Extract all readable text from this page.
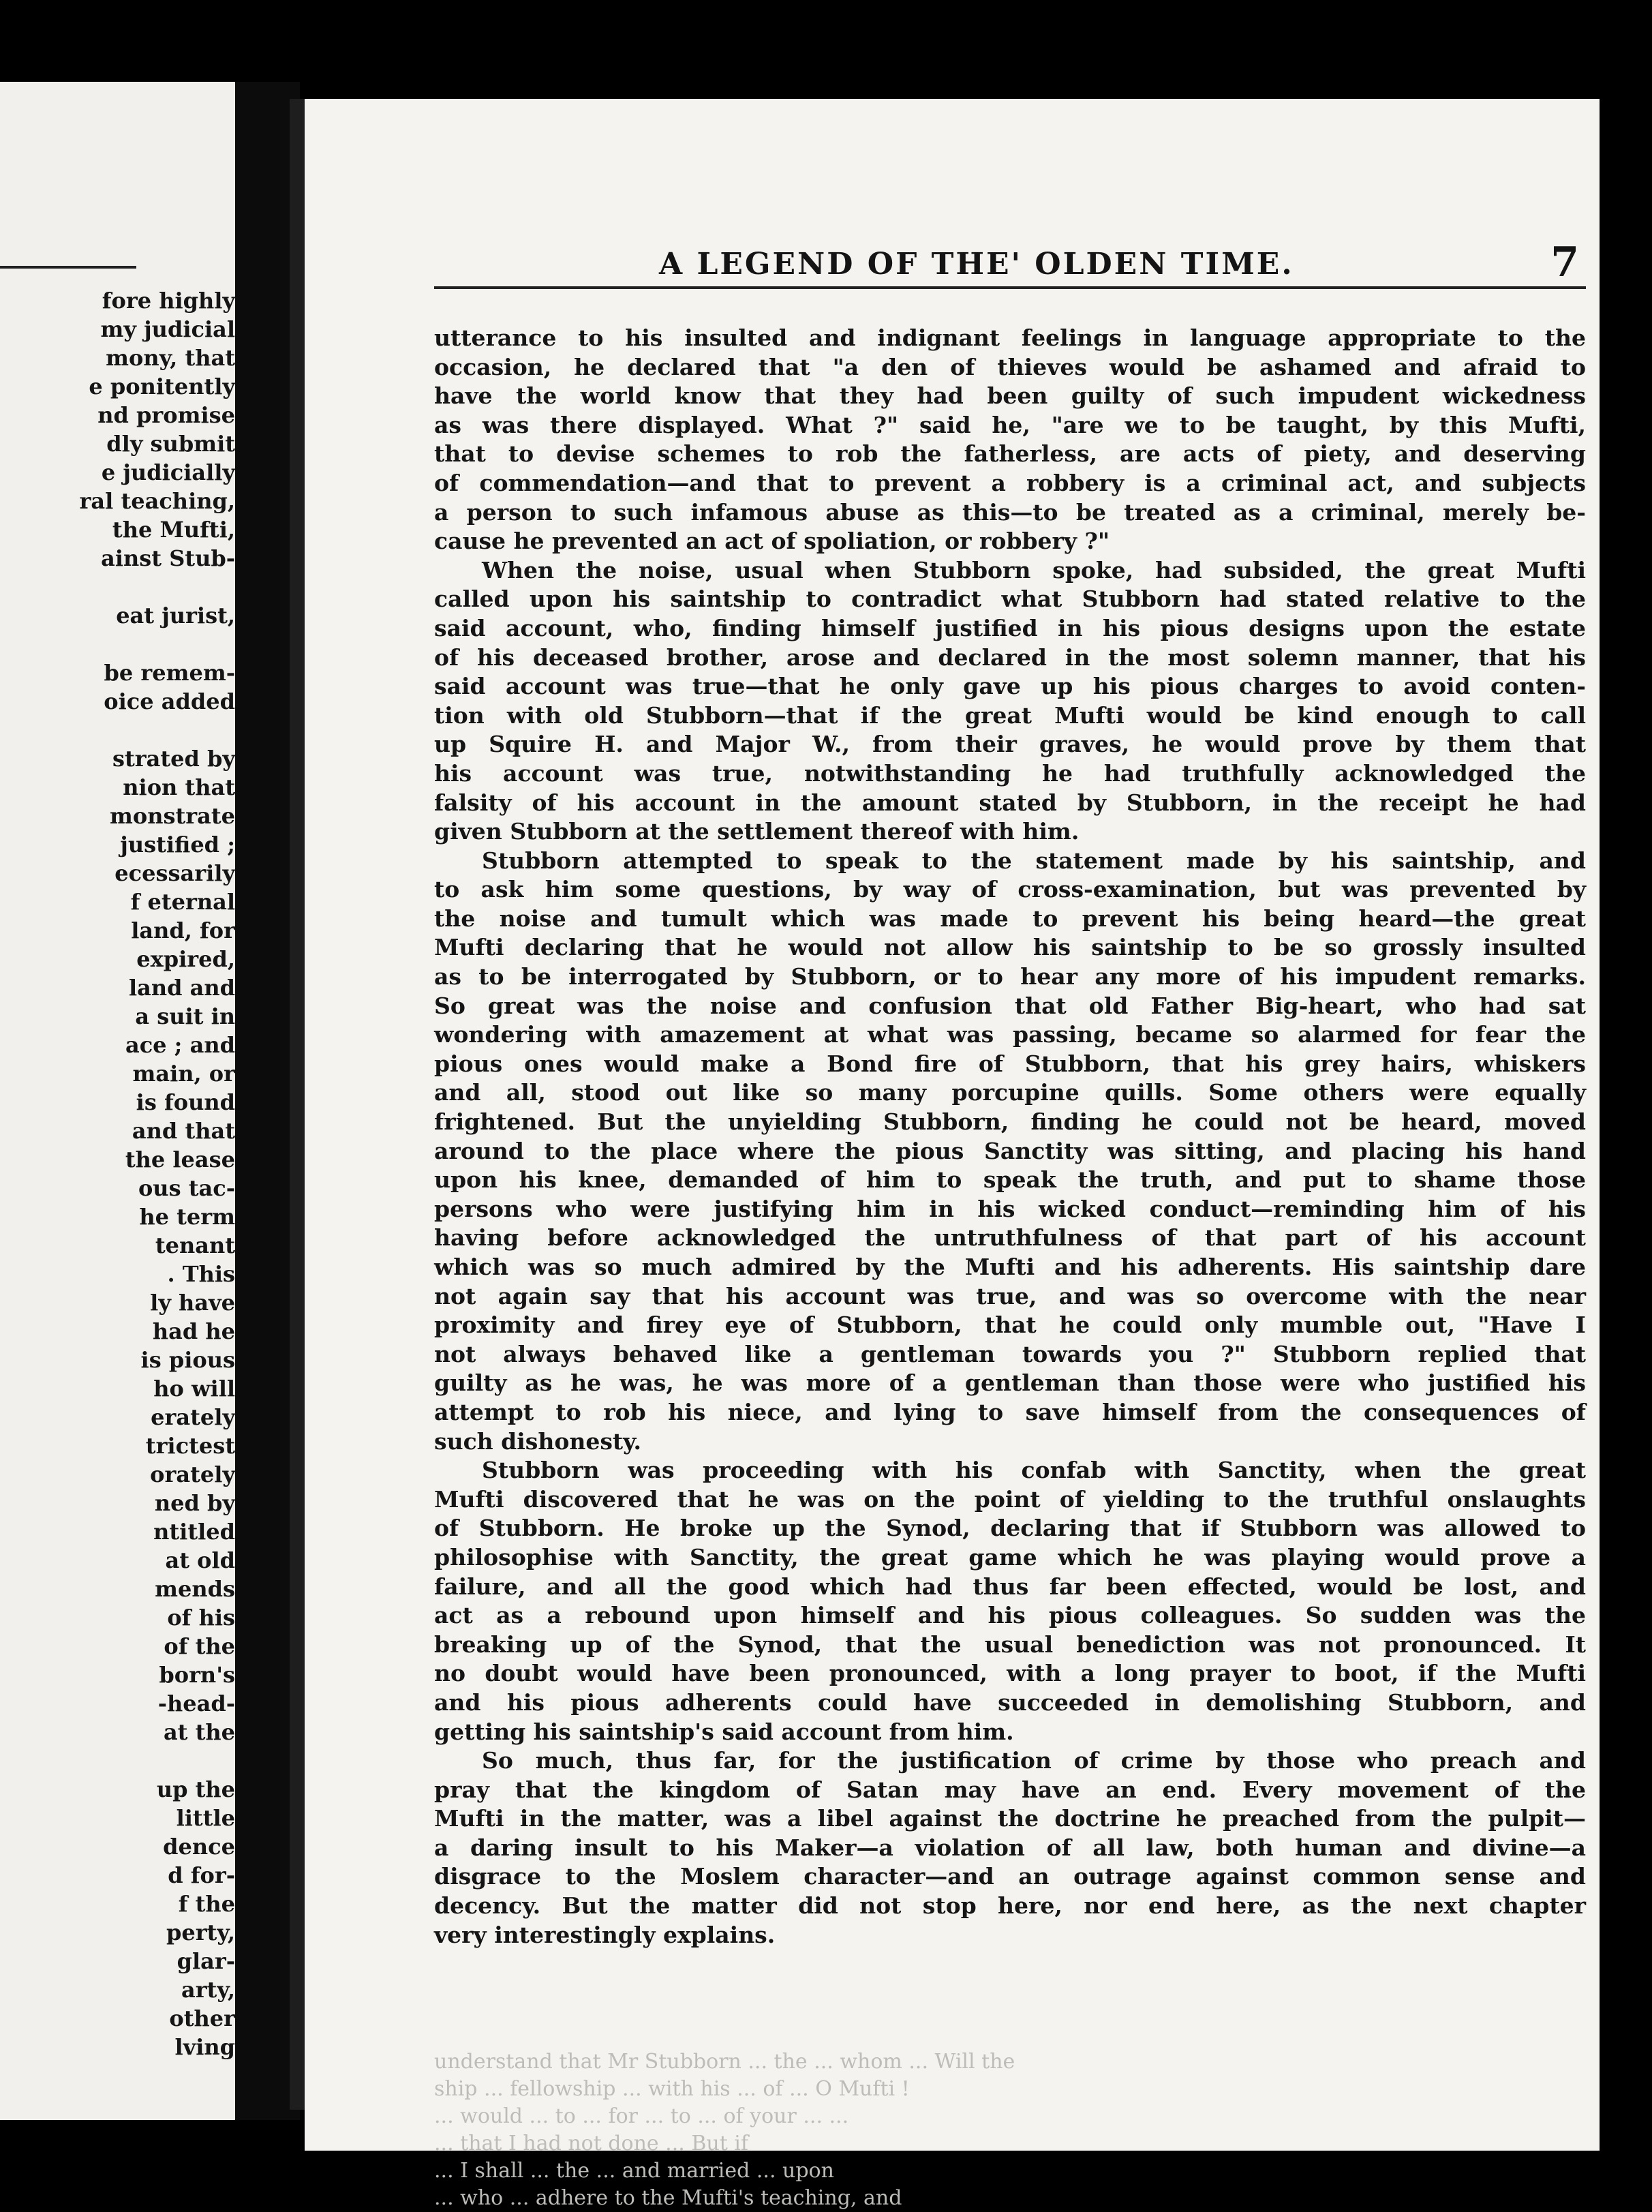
fore highly
my judicial
mony, that
e ponitently
nd promise
dly submit
e judicially
ral teaching,
the Mufti,
ainst Stub-
eat jurist,
be remem-
oice added
strated by
nion that
monstrate
justified ;
ecessarily
f eternal
land, for
expired,
land and
a suit in
ace ; and
main, or
is found
and that
the lease
ous tac-
he term
tenant
. This
ly have
had he
is pious
ho will
erately
trictest
orately
ned by
ntitled
at old
mends
of his
of the
born's
-head-
at the
up the
little
dence
d for-
f the
perty,
glar-
arty,
other
lving
A LEGEND OF THE' OLDEN TIME.	7
utterance to his insulted and indignant feelings in language appropriate to the
occasion, he declared that "a den of thieves would be ashamed and afraid to
have the world know that they had been guilty of such impudent wickedness
as was there displayed. What ?" said he, "are we to be taught, by this Mufti,
that to devise schemes to rob the fatherless, are acts of piety, and deserving
of commendation—and that to prevent a robbery is a criminal act, and subjects
a person to such infamous abuse as this—to be treated as a criminal, merely be-
cause he prevented an act of spoliation, or robbery ?"
When the noise, usual when Stubborn spoke, had subsided, the great Mufti
called upon his saintship to contradict what Stubborn had stated relative to the
said account, who, finding himself justified in his pious designs upon the estate
of his deceased brother, arose and declared in the most solemn manner, that his
said account was true—that he only gave up his pious charges to avoid conten-
tion with old Stubborn—that if the great Mufti would be kind enough to call
up Squire H. and Major W., from their graves, he would prove by them that
his account was true, notwithstanding he had truthfully acknowledged the
falsity of his account in the amount stated by Stubborn, in the receipt he had
given Stubborn at the settlement thereof with him.
Stubborn attempted to speak to the statement made by his saintship, and
to ask him some questions, by way of cross-examination, but was prevented by
the noise and tumult which was made to prevent his being heard—the great
Mufti declaring that he would not allow his saintship to be so grossly insulted
as to be interrogated by Stubborn, or to hear any more of his impudent remarks.
So great was the noise and confusion that old Father Big-heart, who had sat
wondering with amazement at what was passing, became so alarmed for fear the
pious ones would make a Bond fire of Stubborn, that his grey hairs, whiskers
and all, stood out like so many porcupine quills. Some others were equally
frightened. But the unyielding Stubborn, finding he could not be heard, moved
around to the place where the pious Sanctity was sitting, and placing his hand
upon his knee, demanded of him to speak the truth, and put to shame those
persons who were justifying him in his wicked conduct—reminding him of his
having before acknowledged the untruthfulness of that part of his account
which was so much admired by the Mufti and his adherents. His saintship dare
not again say that his account was true, and was so overcome with the near
proximity and firey eye of Stubborn, that he could only mumble out, "Have I
not always behaved like a gentleman towards you ?" Stubborn replied that
guilty as he was, he was more of a gentleman than those were who justified his
attempt to rob his niece, and lying to save himself from the consequences of
such dishonesty.
Stubborn was proceeding with his confab with Sanctity, when the great
Mufti discovered that he was on the point of yielding to the truthful onslaughts
of Stubborn. He broke up the Synod, declaring that if Stubborn was allowed to
philosophise with Sanctity, the great game which he was playing would prove a
failure, and all the good which had thus far been effected, would be lost, and
act as a rebound upon himself and his pious colleagues. So sudden was the
breaking up of the Synod, that the usual benediction was not pronounced. It
no doubt would have been pronounced, with a long prayer to boot, if the Mufti
and his pious adherents could have succeeded in demolishing Stubborn, and
getting his saintship's said account from him.
So much, thus far, for the justification of crime by those who preach and
pray that the kingdom of Satan may have an end. Every movement of the
Mufti in the matter, was a libel against the doctrine he preached from the pulpit—
a daring insult to his Maker—a violation of all law, both human and divine—a
disgrace to the Moslem character—and an outrage against common sense and
decency. But the matter did not stop here, nor end here, as the next chapter
very interestingly explains.
understand that Mr Stubborn ... the ... whom ... Will the
ship ... fellowship ... with his ... of ... O Mufti !
... would ... to ... for ... to ... of your ... ...
... that I had not done ... But if
... I shall ... the ... and married ... upon
... who ... adhere to the Mufti's teaching, and
